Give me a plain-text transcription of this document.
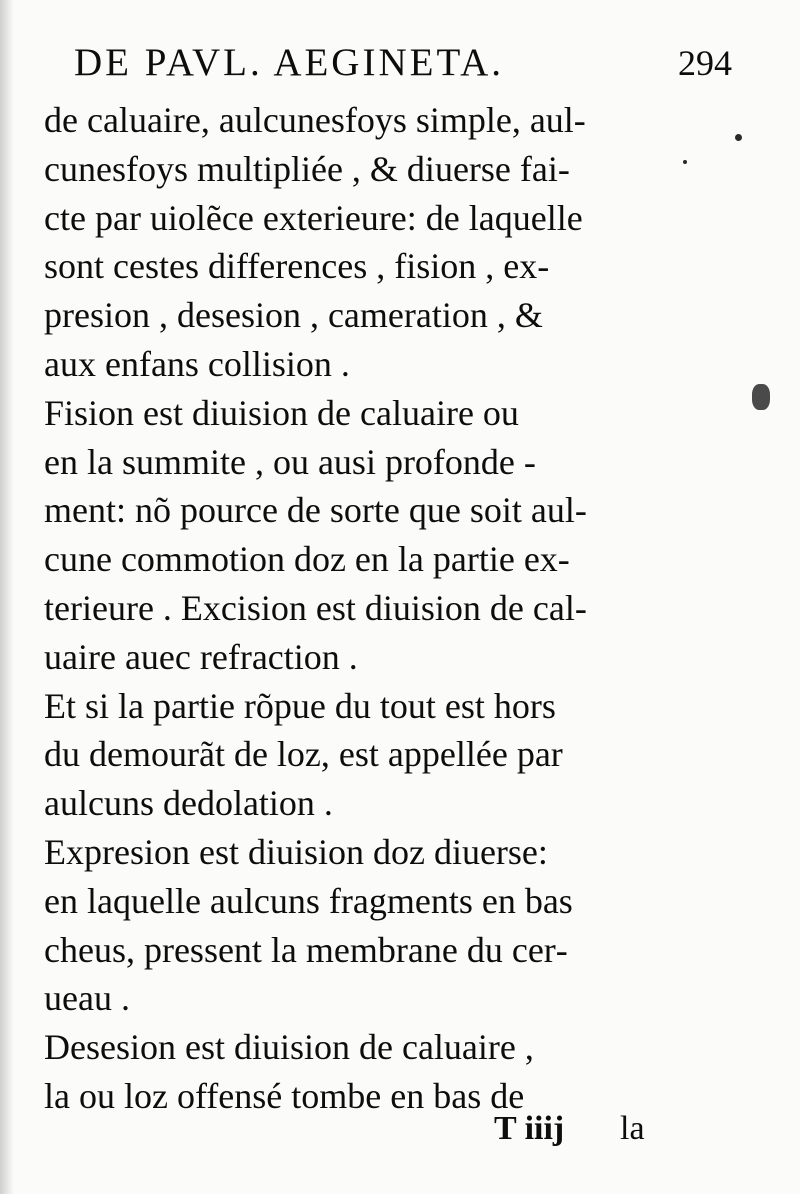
DE PAVL. AEGINETA.	294
de caluaire, aulcunesfoys simple, aul‐
cunesfoys multipliée , & diuerse fai‐
cte par uiolẽce exterieure: de laquelle
sont cestes differences , fision , ex‐
presion , desesion , cameration , &
aux enfans collision .
Fision est diuision de caluaire ou
en la summite , ou ausi profonde ‐
ment: nõ pource de sorte que soit aul‐
cune commotion doz en la partie ex‐
terieure . Excision est diuision de cal‐
uaire auec refraction .
Et si la partie rõpue du tout est hors
du demourãt de loz, est appellée par
aulcuns dedolation .
Expresion est diuision doz diuerse:
en laquelle aulcuns fragments en bas
cheus, pressent la membrane du cer‐
ueau .
Desesion est diuision de caluaire ,
la ou loz offensé tombe en bas de
T iiij la
